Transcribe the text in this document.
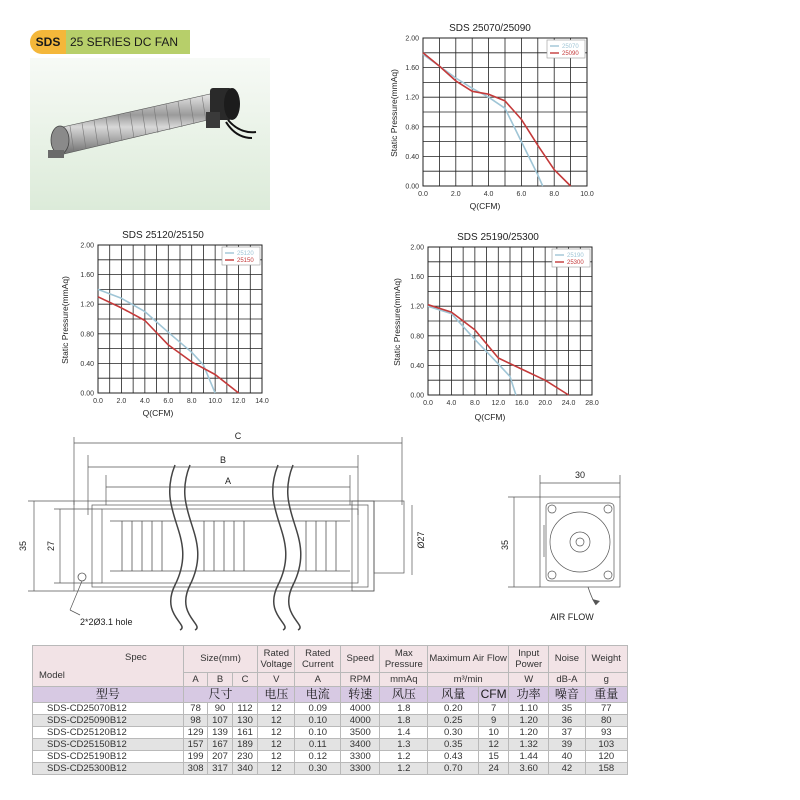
SDS 25 SERIES DC FAN
SDS 25070/25090
Static Pressure(mmAq)
Q(CFM)
0.0	2.0	4.0	6.0	8.0	10.0
0.00
0.40
0.80
1.20
1.60
2.00
25070
25090
SDS 25120/25150
Static Pressure(mmAq)
Q(CFM)
0.0 2.0 4.0 6.0 8.0 10.0 12.0 14.0
0.00
0.40
0.80
1.20
1.60
2.00
25120
25150
SDS 25190/25300
Static Pressure(mmAq)
Q(CFM)
0.0 4.0 8.0 12.0 16.0 20.0 24.0 28.0
0.00
0.40
0.80
1.20
1.60
2.00
25190
25300
C
B
A
35 27	Ø27
2*2Ø3.1 hole
30
35
AIR FLOW
Spec
Model	Size(mm)			Rated Voltage	Rated Current	Speed	Max Pressure	Maximum Air Flow		Input Power	Noise	Weight
	A	B	C	V	A	RPM	mmAq	m³/min		W	dB-A	g
型号	尺寸			电压	电流	转速	风压	风量	CFM	功率	噪音	重量
SDS-CD25070B12	78	90	112	12	0.09	4000	1.8	0.20	7	1.10	35	77
SDS-CD25090B12	98	107	130	12	0.10	4000	1.8	0.25	9	1.20	36	80
SDS-CD25120B12	129	139	161	12	0.10	3500	1.4	0.30	10	1.20	37	93
SDS-CD25150B12	157	167	189	12	0.11	3400	1.3	0.35	12	1.32	39	103
SDS-CD25190B12	199	207	230	12	0.12	3300	1.2	0.43	15	1.44	40	120
SDS-CD25300B12	308	317	340	12	0.30	3300	1.2	0.70	24	3.60	42	158
